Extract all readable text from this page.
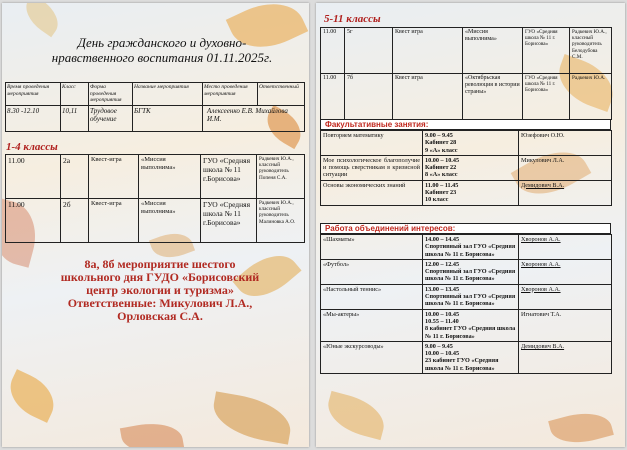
День гражданского и духовно-нравственного воспитания 01.11.2025г.
Время проведения мероприятия	Класс	Форма проведения мероприятия	Название мероприятия	Место проведения мероприятия	Ответственный
8.30 -12.10	10,11	Трудовое обучение	БГТК	Алексеенко Е.В. Михайлова И.М.	
1-4 классы
11.00	2а	Квест-игра	«Миссия выполнима»	ГУО «Средняя школа № 11 г.Борисова»	Радкевич Ю.А., классный руководитель Попеня С.А.
11.00	2б	Квест-игра	«Миссия выполнима»	ГУО «Средняя школа № 11 г.Борисова»	Радкевич Ю.А., классный руководитель Малиновка А.О.
8а, 8б мероприятие шестого школьного дня ГУДО «Борисовский центр экологии и туризма» Ответственные: Микулович Л.А., Орловская С.А.
5-11 классы
11.00	5г	Квест игра	«Миссия выполнима»	ГУО «Средняя школа № 11 г. Борисова»	Радкевич Ю.А., классный руководитель Белодубова С.М.
11.00	7б	Квест игра	«Октябрьская революция в истории страны»	ГУО «Средняя школа № 11 г. Борисова»	Радкевич Ю.А.
Факультативные занятия:
Повторяем математику	9.00 – 9.45
Кабинет 28
9 «А» класс	Юзефович О.Ю.
Мое психологическое благополучие и помощь сверстникам в кризисной ситуации	10.00 – 10.45
Кабинет 22
8 «А» класс	Микулович Л.А.
Основы экономических знаний	11.00 – 11.45
Кабинет 23
10 класс	Демидович В.А.
Работа объединений интересов:
«Шахматы»	14.00 – 14.45
Спортивный зал ГУО «Средняя школа № 11 г. Борисова»	Хворонов А.А.
«Футбол»	12.00 – 12.45
Спортивный зал ГУО «Средняя школа № 11 г. Борисова»	Хворонов А.А.
«Настольный теннис»	13.00 – 13.45
Спортивный зал ГУО «Средняя школа № 11 г. Борисова»	Хворонов А.А.
«Мы-актеры»	10.00 – 10.45
10.55 – 11.40
8 кабинет ГУО «Средняя школа № 11 г. Борисова»	Игнатович Т.А.
«Юные экскурсоводы»	9.00 – 9.45
10.00 – 10.45
23 кабинет ГУО «Средняя школа № 11 г. Борисова»	Демидович В.А.
